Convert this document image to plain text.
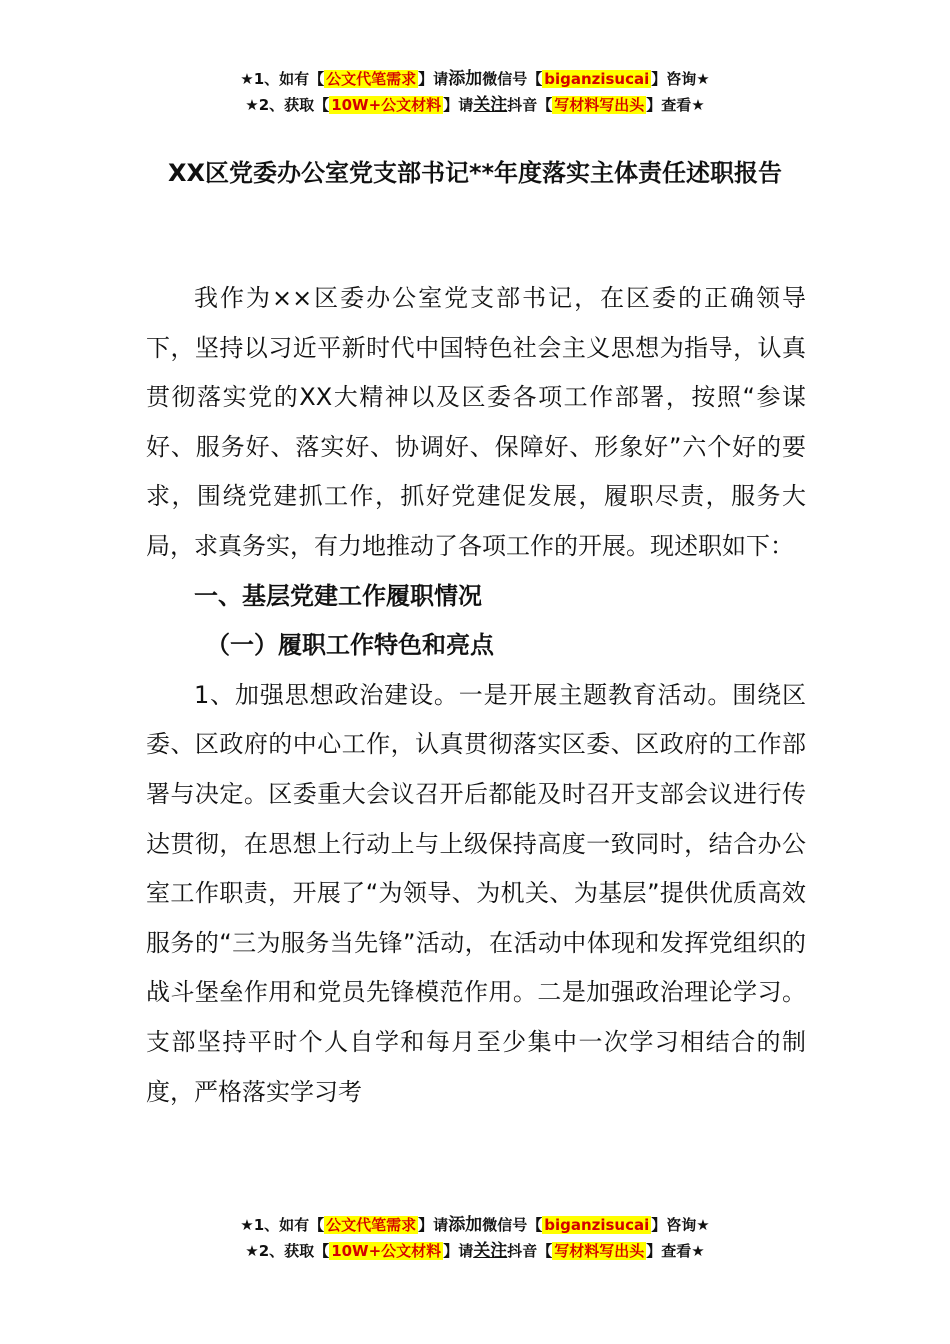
★1、如有【 公文代笔需求 】请添加微信号【 biganzisucai 】咨询★
★2、获取【 10W+公文材料 】请关注抖音【 写材料写出头 】查看★
XX区党委办公室党支部书记**年度落实主体责任述职报告

我作为××区委办公室党支部书记，在区委的正确领导下，坚持以习近平新时代中国特色社会主义思想为指导，认真贯彻落实党的XX大精神以及区委各项工作部署，按照“参谋好、服务好、落实好、协调好、保障好、形象好”六个好的要求，围绕党建抓工作，抓好党建促发展，履职尽责，服务大局，求真务实，有力地推动了各项工作的开展。现述职如下：

一、基层党建工作履职情况
（一）履职工作特色和亮点

1、加强思想政治建设。一是开展主题教育活动。围绕区委、区政府的中心工作，认真贯彻落实区委、区政府的工作部署与决定。区委重大会议召开后都能及时召开支部会议进行传达贯彻，在思想上行动上与上级保持高度一致同时，结合办公室工作职责，开展了“为领导、为机关、为基层”提供优质高效服务的“三为服务当先锋”活动，在活动中体现和发挥党组织的战斗堡垒作用和党员先锋模范作用。二是加强政治理论学习。支部坚持平时个人自学和每月至少集中一次学习相结合的制度，严格落实学习考

★1、如有【 公文代笔需求 】请添加微信号【 biganzisucai 】咨询★
★2、获取【 10W+公文材料 】请关注抖音【 写材料写出头 】查看★
